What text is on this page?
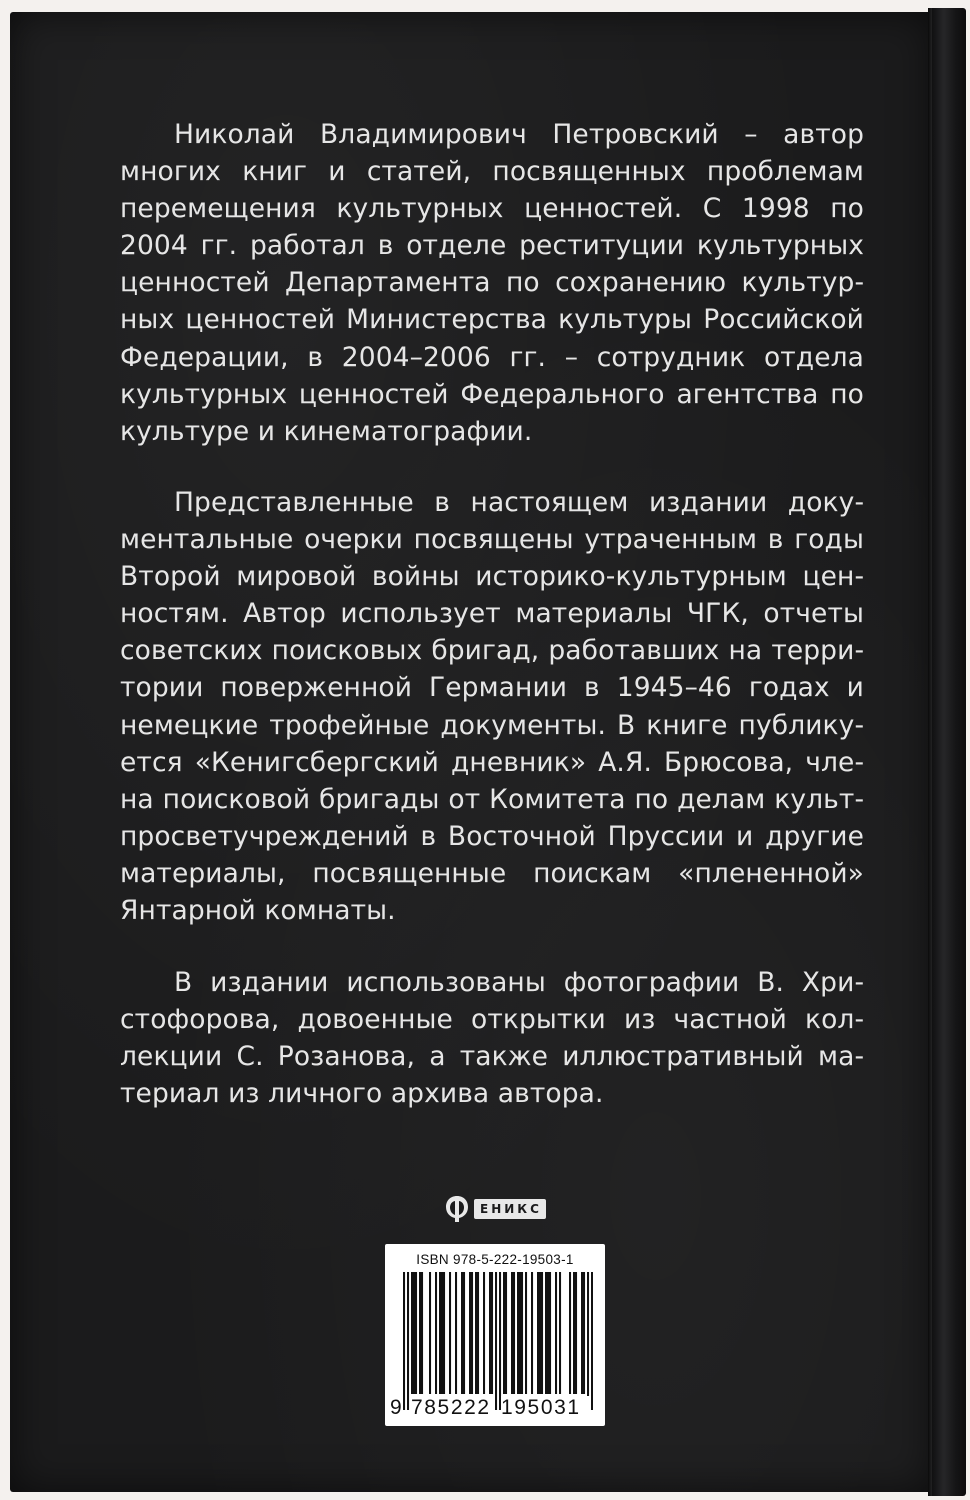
Николай Владимирович Петровский – автор многих книг и статей, посвященных проблемам перемещения культурных ценностей. С 1998 по 2004 гг. работал в отделе реституции культурных ценностей Департамента по сохранению культурных ценностей Министерства культуры Российской Федерации, в 2004–2006 гг. – сотрудник отдела культурных ценностей Федерального агентства по культуре и кинематографии.

Представленные в настоящем издании документальные очерки посвящены утраченным в годы Второй мировой войны историко-культурным ценностям. Автор использует материалы ЧГК, отчеты советских поисковых бригад, работавших на территории поверженной Германии в 1945–46 годах и немецкие трофейные документы. В книге публикуется «Кенигсбергский дневник» А.Я. Брюсова, члена поисковой бригады от Комитета по делам культпросветучреждений в Восточной Пруссии и другие материалы, посвященные поискам «плененной» Янтарной комнаты.

В издании использованы фотографии В. Христофорова, довоенные открытки из частной коллекции С. Розанова, а также иллюстративный материал из личного архива автора.

ЕНИКС
ISBN 978-5-222-19503-1
9 785222 195031
